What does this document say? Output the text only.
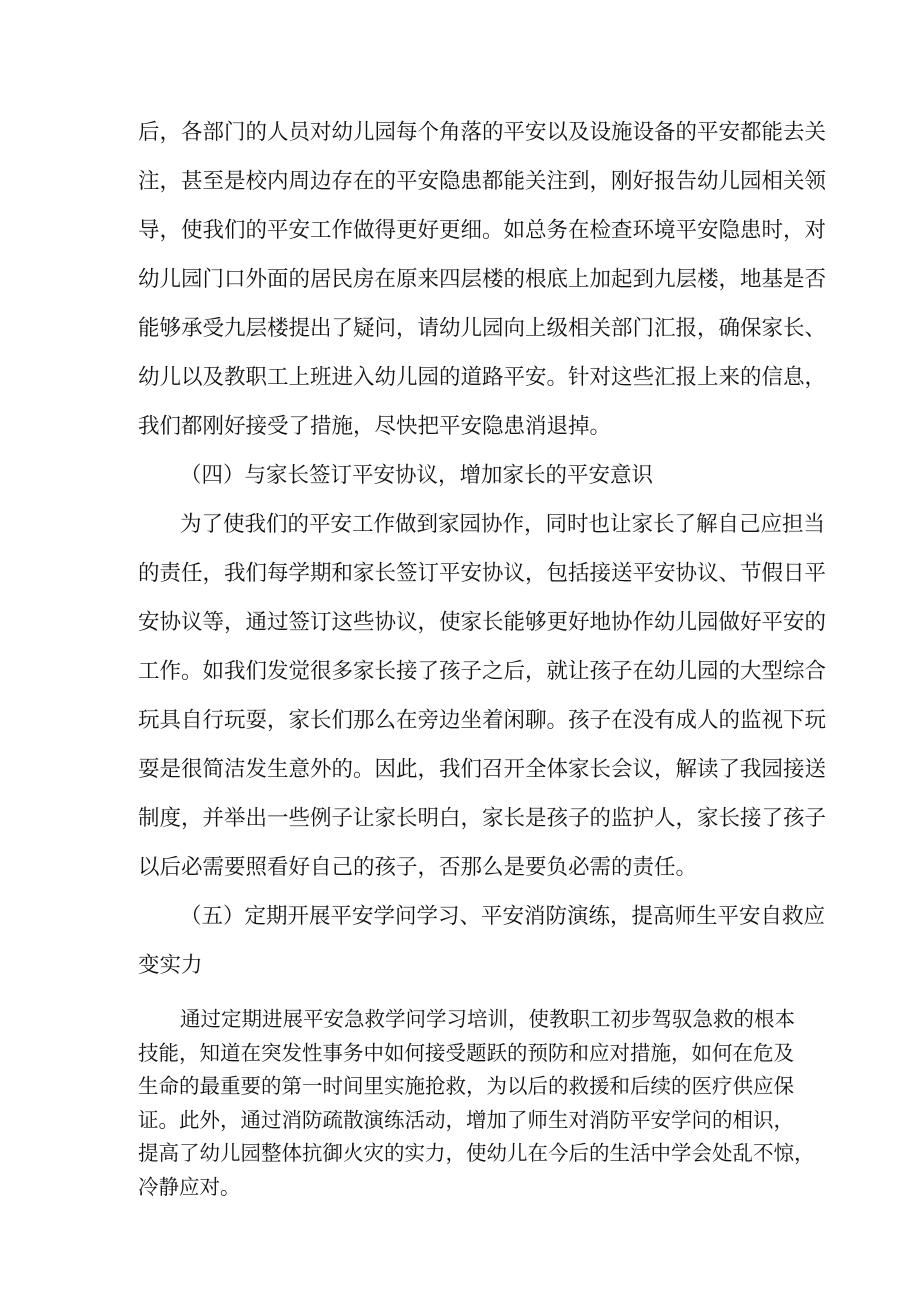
后，各部门的人员对幼儿园每个角落的平安以及设施设备的平安都能去关
注，甚至是校内周边存在的平安隐患都能关注到，刚好报告幼儿园相关领
导，使我们的平安工作做得更好更细。如总务在检查环境平安隐患时，对
幼儿园门口外面的居民房在原来四层楼的根底上加起到九层楼，地基是否
能够承受九层楼提出了疑问，请幼儿园向上级相关部门汇报，确保家长、
幼儿以及教职工上班进入幼儿园的道路平安。针对这些汇报上来的信息，
我们都刚好接受了措施，尽快把平安隐患消退掉。
（四）与家长签订平安协议，增加家长的平安意识
为了使我们的平安工作做到家园协作，同时也让家长了解自己应担当
的责任，我们每学期和家长签订平安协议，包括接送平安协议、节假日平
安协议等，通过签订这些协议，使家长能够更好地协作幼儿园做好平安的
工作。如我们发觉很多家长接了孩子之后，就让孩子在幼儿园的大型综合
玩具自行玩耍，家长们那么在旁边坐着闲聊。孩子在没有成人的监视下玩
耍是很简洁发生意外的。因此，我们召开全体家长会议，解读了我园接送
制度，并举出一些例子让家长明白，家长是孩子的监护人，家长接了孩子
以后必需要照看好自己的孩子，否那么是要负必需的责任。
（五）定期开展平安学问学习、平安消防演练，提高师生平安自救应
变实力
通过定期进展平安急救学问学习培训，使教职工初步驾驭急救的根本
技能，知道在突发性事务中如何接受题跃的预防和应对措施，如何在危及
生命的最重要的第一时间里实施抢救，为以后的救援和后续的医疗供应保
证。此外，通过消防疏散演练活动，增加了师生对消防平安学问的相识，
提高了幼儿园整体抗御火灾的实力，使幼儿在今后的生活中学会处乱不惊，
冷静应对。
